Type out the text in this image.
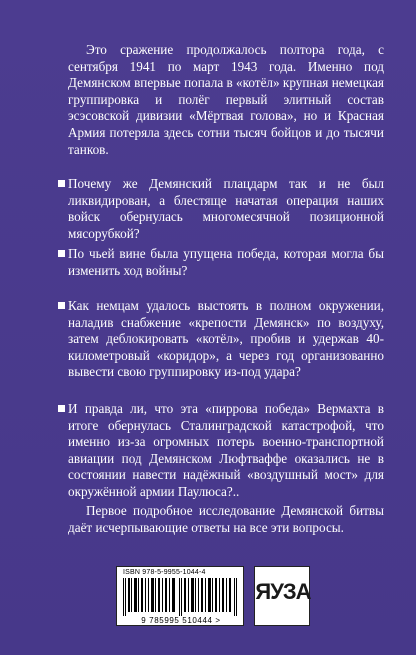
Это сражение продолжалось полтора года, с сентября 1941 по март 1943 года. Именно под Демянском впервые попала в «котёл» крупная немецкая группировка и полёг первый элитный состав эсэсовской дивизии «Мёртвая голова», но и Красная Армия потеряла здесь сотни тысяч бойцов и до тысячи танков.
Почему же Демянский плацдарм так и не был ликвидирован, а блестяще начатая операция наших войск обернулась многомесячной позиционной мясорубкой?
По чьей вине была упущена победа, которая могла бы изменить ход войны?
Как немцам удалось выстоять в полном окружении, наладив снабжение «крепости Демянск» по воздуху, затем деблокировать «котёл», пробив и удержав 40-километровый «коридор», а через год организованно вывести свою группировку из-под удара?
И правда ли, что эта «пиррова победа» Вермахта в итоге обернулась Сталинградской катастрофой, что именно из-за огромных потерь военно-транспортной авиации под Демянском Люфтваффе оказались не в состоянии навести надёжный «воздушный мост» для окружённой армии Паулюса?..
Первое подробное исследование Демянской битвы даёт исчерпывающие ответы на все эти вопросы.
ISBN 978-5-9955-1044-4
9 785995 510444 >
ЯУЗА
